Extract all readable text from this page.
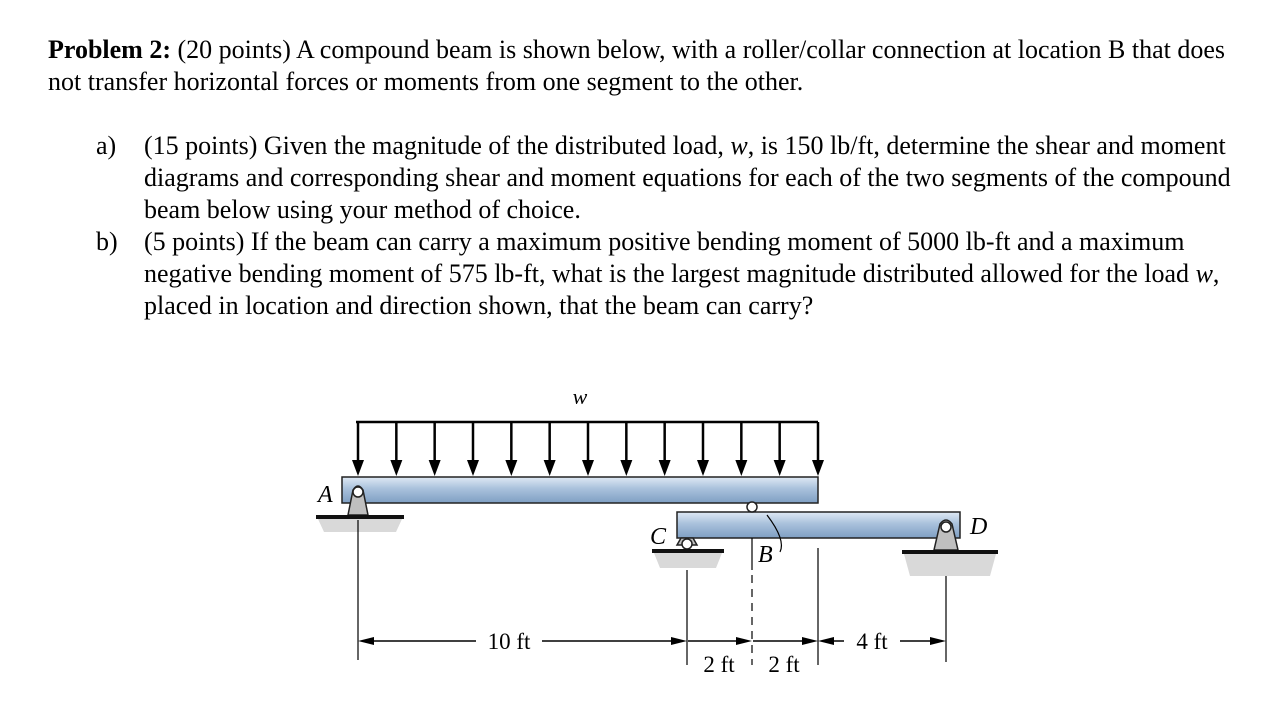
Problem 2: (20 points) A compound beam is shown below, with a roller/collar connection at location B that does not transfer horizontal forces or moments from one segment to the other.
a)	(15 points) Given the magnitude of the distributed load, w, is 150 lb/ft, determine the shear and moment diagrams and corresponding shear and moment equations for each of the two segments of the compound beam below using your method of choice.
b)	(5 points) If the beam can carry a maximum positive bending moment of 5000 lb-ft and a maximum negative bending moment of 575 lb-ft, what is the largest magnitude distributed allowed for the load w, placed in location and direction shown, that the beam can carry?
w
A
C
B
D
10 ft
2 ft 2 ft
4 ft
